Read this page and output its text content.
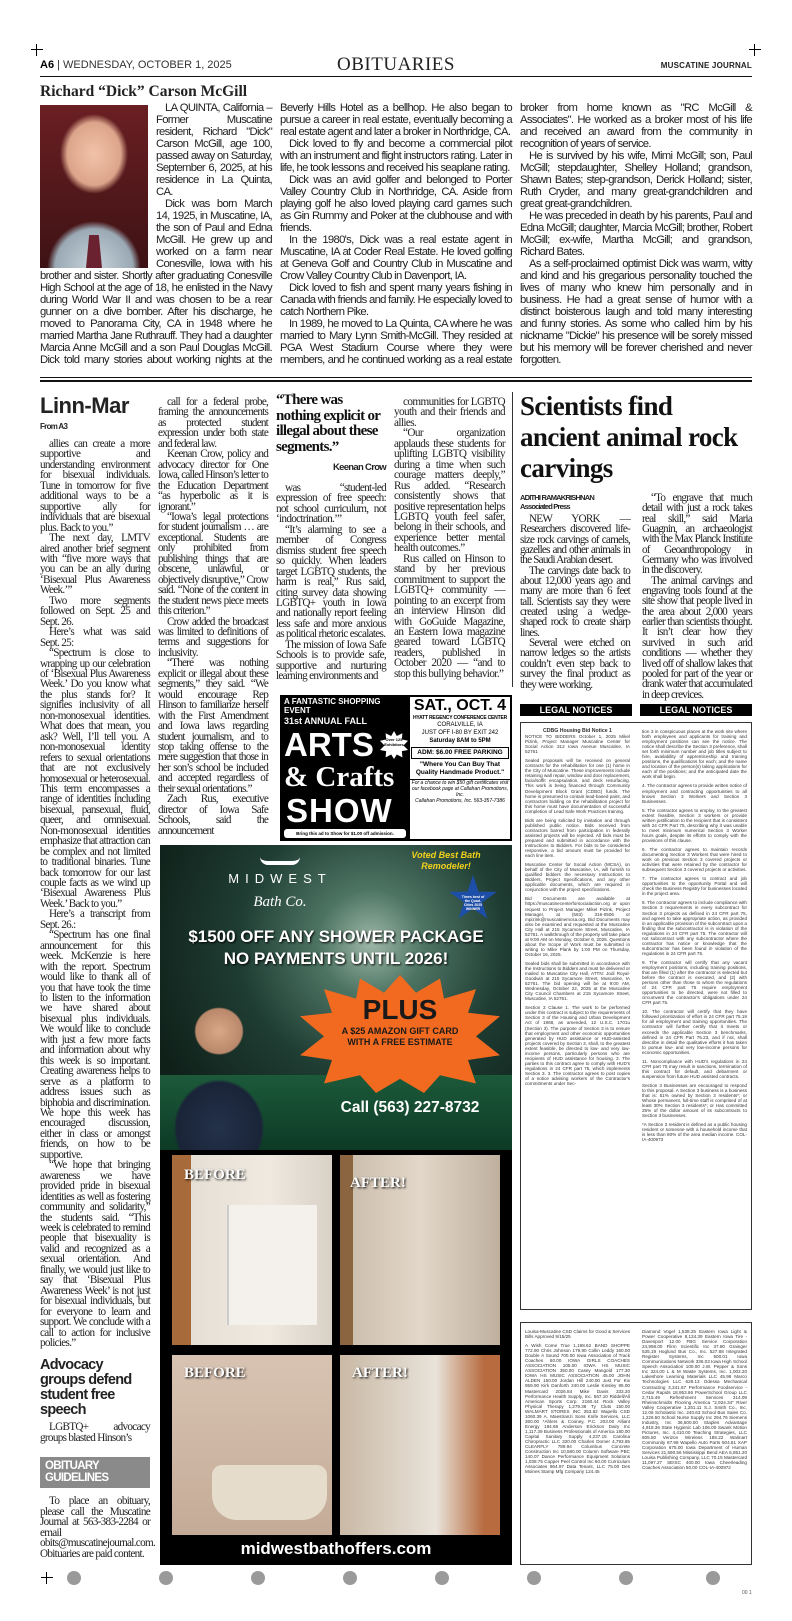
A6 | WEDNESDAY, OCTOBER 1, 2025	OBITUARIES	MUSCATINE JOURNAL
Richard “Dick” Carson McGill

LA QUINTA, California – Former Muscatine resident, Richard "Dick" Carson McGill, age 100, passed away on Saturday, September 6, 2025, at his residence in La Quinta, CA.

Dick was born March 14, 1925, in Muscatine, IA, the son of Paul and Edna McGill. He grew up and worked on a farm near Conesville, Iowa with his brother and sister. Shortly after graduating Conesville High School at the age of 18, he enlisted in the Navy during World War II and was chosen to be a rear gunner on a dive bomber. After his discharge, he moved to Panorama City, CA in 1948 where he married Martha Jane Ruthrauff. They had a daughter Marcia Anne McGill and a son Paul Douglas McGill. Dick told many stories about working nights at the Beverly Hills Hotel as a bellhop. He also began to pursue a career in real estate, eventually becoming a real estate agent and later a broker in Northridge, CA.

Dick loved to fly and become a commercial pilot with an instrument and flight instructors rating. Later in life, he took lessons and received his seaplane rating.

Dick was an avid golfer and belonged to Porter Valley Country Club in Northridge, CA. Aside from playing golf he also loved playing card games such as Gin Rummy and Poker at the clubhouse and with friends.

In the 1980's, Dick was a real estate agent in Muscatine, IA at Coder Real Estate. He loved golfing at Geneva Golf and Country Club in Muscatine and Crow Valley Country Club in Davenport, IA.

Dick loved to fish and spent many years fishing in Canada with friends and family. He especially loved to catch Northern Pike.

In 1989, he moved to La Quinta, CA where he was married to Mary Lynn Smith-McGill. They resided at PGA West Stadium Course where they were members, and he continued working as a real estate broker from home known as "RC McGill & Associates". He worked as a broker most of his life and received an award from the community in recognition of years of service.

He is survived by his wife, Mimi McGill; son, Paul McGill; stepdaughter, Shelley Holland; grandson, Shawn Bates; step-grandson, Derick Holland; sister, Ruth Cryder, and many great-grandchildren and great great-grandchildren.

He was preceded in death by his parents, Paul and Edna McGill; daughter, Marcia McGill; brother, Robert McGill; ex-wife, Martha McGill; and grandson, Richard Bates.

As a self-proclaimed optimist Dick was warm, witty and kind and his gregarious personality touched the lives of many who knew him personally and in business. He had a great sense of humor with a distinct boisterous laugh and told many interesting and funny stories. As some who called him by his nickname "Dickie" his presence will be sorely missed but his memory will be forever cherished and never forgotten.

Linn-Mar
From A3

allies can create a more supportive and understanding environment for bisexual individuals. Tune in tomorrow for five additional ways to be a supportive ally for individuals that are bisexual plus. Back to you.”

The next day, LMTV aired another brief segment with “five more ways that you can be an ally during ‘Bisexual Plus Awareness Week.’”

Two more segments followed on Sept. 25 and Sept. 26.

Here’s what was said Sept. 25:

“Spectrum is close to wrapping up our celebration of ‘Bisexual Plus Awareness Week.’ Do you know what the plus stands for? It signifies inclusivity of all non-monosexual identities. What does that mean, you ask? Well, I’ll tell you. A non-monosexual identity refers to sexual orientations that are not exclusively homosexual or heterosexual. This term encompasses a range of identities including bisexual, pansexual, fluid, queer, and omnisexual. Non-monosexual identities emphasize that attraction can be complex and not limited to traditional binaries. Tune back tomorrow for our last couple facts as we wind up ‘Bisexual Awareness Plus Week.’ Back to you.”

Here’s a transcript from Sept. 26.:

“Spectrum has one final announcement for this week. McKenzie is here with the report. Spectrum would like to thank all of you that have took the time to listen to the information we have shared about bisexual plus individuals. We would like to conclude with just a few more facts and information about why this week is so important. Creating awareness helps to serve as a platform to address issues such as biphobia and discrimination. We hope this week has encouraged discussion, either in class or amongst friends, on how to be supportive.

“We hope that bringing awareness we have provided pride in bisexual identities as well as fostering community and solidarity,” the students said. “This week is celebrated to remind people that bisexuality is valid and recognized as a sexual orientation. And finally, we would just like to say that ‘Bisexual Plus Awareness Week’ is not just for bisexual individuals, but for everyone to learn and support. We conclude with a call to action for inclusive policies.”

Advocacy groups defend student free speech

LGBTQ+ advocacy groups blasted Hinson’s

OBITUARY GUIDELINES

To place an obituary, please call the Muscatine Journal at 563-383-2284 or email obits@muscatinejournal.com. Obituaries are paid content.

call for a federal probe, framing the announcements as protected student expression under both state and federal law.

Keenan Crow, policy and advocacy director for One Iowa, called Hinson’s letter to the Education Department “as hyperbolic as it is ignorant.”

“Iowa’s legal protections for student journalism … are exceptional. Students are only prohibited from publishing things that are obscene, unlawful, or objectively disruptive,” Crow said. “None of the content in the student news piece meets this criterion.”

Crow added the broadcast was limited to definitions of terms and suggestions for inclusivity.

“There was nothing explicit or illegal about these segments,” they said. “We would encourage Rep Hinson to familiarize herself with the First Amendment and Iowa laws regarding student journalism, and to stop taking offense to the mere suggestion that those in her son’s school be included and accepted regardless of their sexual orientations.”

Zach Rus, executive director of Iowa Safe Schools, said the announcement

“There was nothing explicit or illegal about these segments.”
Keenan Crow

was “student-led expression of free speech: not school curriculum, not ‘indoctrination.’”

“It’s alarming to see a member of Congress dismiss student free speech so quickly. When leaders target LGBTQ students, the harm is real,” Rus said, citing survey data showing LGBTQ+ youth in Iowa and nationally report feeling less safe and more anxious as political rhetoric escalates.

The mission of Iowa Safe Schools is to provide safe, supportive and nurturing learning environments and

communities for LGBTQ youth and their friends and allies.

“Our organization applauds these students for uplifting LGBTQ visibility during a time when such courage matters deeply,” Rus added. “Research consistently shows that positive representation helps LGBTQ youth feel safer, belong in their schools, and experience better mental health outcomes.”

Rus called on Hinson to stand by her previous commitment to support the LGBTQ+ community — pointing to an excerpt from an interview Hinson did with GoGuide Magazine, an Eastern Iowa magazine geared toward LGBTQ readers, published in October 2020 — “and to stop this bullying behavior.”

A FANTASTIC SHOPPING EVENT
31st ANNUAL FALL
ARTS	Over 125 Exhibitors
& Crafts
SHOW
Bring this ad to Show for $1.00 off admission.
SAT., OCT. 4
HYATT REGENCY CONFERENCE CENTER
CORALVILLE, IA
JUST OFF I-80 BY EXIT 242
Saturday 8AM to 5PM
ADM: $6.00 FREE PARKING
"Where You Can Buy That Quality Handmade Product."
For a chance to win $50 gift certificates visit our facebook page at Callahan Promotions, Inc.
Callahan Promotions, Inc. 563-357-7386
Voted Best Bath Remodeler!
Times best of the Quad-Cities 2025 WINNER
MIDWEST
Bath Co.
$1500 OFF ANY SHOWER PACKAGE
NO PAYMENTS UNTIL 2026!
PLUS
A $25 AMAZON GIFT CARD WITH A FREE ESTIMATE
Call (563) 227-8732
BEFORE	AFTER!
BEFORE	AFTER!
midwestbathoffers.com
Scientists find ancient animal rock carvings
ADITHI RAMAKRISHNAN
Associated Press

NEW YORK — Researchers discovered life-size rock carvings of camels, gazelles and other animals in the Saudi Arabian desert.

The carvings date back to about 12,000 years ago and many are more than 6 feet tall. Scientists say they were created using a wedge-shaped rock to create sharp lines.

Several were etched on narrow ledges so the artists couldn’t even step back to survey the final product as they were working.

“To engrave that much detail with just a rock takes real skill,” said Maria Guagnin, an archaeologist with the Max Planck Institute of Geoanthropology in Germany who was involved in the discovery.

The animal carvings and engraving tools found at the site show that people lived in the area about 2,000 years earlier than scientists thought. It isn’t clear how they survived in such arid conditions — whether they lived off of shallow lakes that pooled for part of the year or drank water that accumulated in deep crevices.

LEGAL NOTICES	LEGAL NOTICES
CDBG Housing Bid Notice 1

NOTICE TO BIDDERS October 1, 2025 Mikel Pizink, Project Manager Muscatine Center for Social Action 312 Iowa Avenue Muscatine, IA 52761

Sealed proposals will be received on general contracts for the rehabilitation for one (1) home in the City of Muscatine. These improvements include retaining wall repair, window and door replacement, facia/soffit encapsulation, and deck resurfacing. This work is being financed through Community Development Block Grant (CDBG) funds. The home is presumed to contain lead-based paint, and contractors bidding on the rehabilitation project for this home must have documentation of successful completion of Lead Safe Work Practices training.

Bids are being solicited by invitation and through published public notice. Bids received from contractors barred from participation in federally assisted projects will be rejected. All bids must be prepared and submitted in accordance with the Instructions to Bidders. For bids to be considered responsive, a bid amount must be provided for each line item.

Muscatine Center for Social Action (MCSA), on behalf of the City of Muscatine, IA, will furnish to qualified bidders the necessary Instructions to Bidders, Project Specifications, and any other applicable documents, which are required in conjunction with the project specifications.

Bid Documents are available at https://muscatinecenterforsocialaction.org or upon request to Project Manager Mikel Pizink, Project Manager, at (563) 316-0506 or mpizink@muscatinemcsa.org. Bid Documents may also be examined and requested at the Muscatine City Hall at 215 Sycamore Street, Muscatine, IA 52761. A walkthrough of the property will take place at 9:00 AM on Monday, October 6, 2025. Questions about the Scope of Work must be submitted in writing to Mike Plank by 1:00 PM on Thursday, October 16, 2025.

Sealed bids shall be submitted in accordance with the Instructions to Bidders and must be delivered or mailed to Muscatine City Hall, ATTN: Jodi Royal-Goodwin at 215 Sycamore Street, Muscatine, IA 52761. The bid opening will be at 9:00 AM, Wednesday, October 22, 2025 at the Muscatine City Council Chambers at 215 Sycamore Street, Muscatine, IA 52761.

Section 3 Clause 1. The work to be performed under this contract is subject to the requirements of Section 3 of the Housing and Urban Development Act of 1968, as amended, 12 U.S.C. 1701u (Section 3). The purpose of Section 3 is to ensure that employment and other economic opportunities generated by HUD assistance or HUD-assisted projects covered by Section 3, shall, to the greatest extent feasible, be directed to low- and very low-income persons, particularly persons who are recipients of HUD assistance for housing. 2. The parties to this contract agree to comply with HUD's regulations in 24 CFR part 75, which implements Section 3. 3. The contractor agrees to post copies of a notice advising workers of the Contractor's commitments under Sec-

tion 3 in conspicuous places at the work site where both employees and applicants for training and employment positions can see the notice. The notice shall describe the Section 3 preference, shall set forth minimum number and job titles subject to hire, availability of apprenticeship and training positions, the qualifications for each; and the name and location of the person(s) taking applications for each of the positions; and the anticipated date the work shall begin.

4. The contractor agrees to provide written notice of employment and contracting opportunities to all known Section 3 Workers and Section 3 Businesses.

5. The contractor agrees to employ, to the greatest extent feasible, Section 3 workers or provide written justification to the recipient that is consistent with 24 CFR Part 75, describing why it was unable to meet minimum numerical Section 3 Worker hours goals, despite its efforts to comply with the provisions of this clause.

6. The contractor agrees to maintain records documenting Section 3 Workers that were hired to work on previous Section 3 covered projects or activities that were retained by the contractor for subsequent Section 3 covered projects or activities.

7. The contractor agrees to contract and job opportunities to the opportunity Portal and will check the Business Registry for businesses located in the project area.

8. The contractor agrees to include compliance with Section 3 requirements in every subcontract for Section 3 projects as defined in 24 CFR part 75, and agrees to take appropriate action, as provided in an applicable provision of the subcontract upon a finding that the subcontractor is in violation of the regulations in 24 CFR part 75. The contractor will not subcontract with any subcontractor where the contractor has notice or knowledge that the subcontractor has been found in violation of the regulations in 24 CFR part 75.

9. The contractor will certify that any vacant employment positions, including training positions, that are filled (1) after the contractor is selected but before the contract is executed, and (2) with persons other than those to whom the regulations of 24 CFR part 75 require employment opportunities to be directed, were not filled to circumvent the contractor's obligations under 24 CFR part 75.

10. The contractor will certify that they have followed prioritization of effort in 24 CFR part 75.19 for all employment and training opportunities. The contractor will further certify that it meets or exceeds the applicable Section 3 benchmarks, defined in 24 CFR Part 75.23, and if not, shall describe in detail the qualitative efforts it has taken to pursue low- and very low-income persons for economic opportunities.

11. Noncompliance with HUD's regulations in 24 CFR part 75 may result in sanctions, termination of this contract for default, and debarment or suspension from future HUD assisted contracts.

Section 3 Businesses are encouraged to respond to this proposal. A Section 3 business is a business that is: 51% owned by Section 3 residents*; or Whose permanent, full-time staff is comprised of at least 30% Section 3 residents*; or Has committed 25% of the dollar amount of its subcontracts to Section 3 businesses.

*A Section 3 resident is defined as a public housing resident or someone with a household income that is less than 80% of the area median income. COL-IA-400973

Louisa-Muscatine CSD Claims for Good & Services Bills Approved 9/15/25

A Wish Come True 1,198.62 BAND SHOPPE 772.90 Chris Johnson 179.90 Collin Leddy 150.00 Double A Sound 700.00 Iowa Association of Track Coaches 60.00 IOWA GIRLS COACHES ASSOCIATION 105.00 IOWA HS MUSIC ASSOCIATION 350.00 Casey Mangold 177.30 IOWA HS MUSIC ASSOCIATION 45.00 JOHN ALDEN 150.00 Jordan Hill 240.00 Just For Kix 959.90 Kirk Danforth 240.00 Leslie Kinsley 95.00 Mastercard 2026.84 Mike Davis 333.20 Performance Health Supply, Inc. 567.10 Riddell/All American Sports Corp. 2160.44 Rock Valley Physical Therapy 1,279.38 Ty Cluts 150.00 WALMART STORES INC 353.82 Wapello CSD 1060.39 A. Maestranzi Sons Knife Services, LLC 360.00 *Ahlers & Cooney, P.C. 203.00 Alliant Energy 194.68 Anderson Erickson Dairy Inc 1,117.39 Business Professionals of America 180.00 Capital Sanitary Supply 4,237.15 Carolina Chiropractic LLC 320.00 Charles Domer 4,793.65 CLEARFLY 789.94 Columbus Concrete Construction Inc 10,580.00 Column Software PBC 140.07 Dance Performance Equipment Solutions 1,038.75 Copper Peel Control Inc 60.00 Curriculum Associates 964.97 Data Tenant, LLC 75.00 Des Moines Stamp Mfg Company 124.45

Diamond Vogel 1,538.25 Eastern Iowa Light & Power Cooperative 8,134.39 Eastern Iowa Tire - Davenport 12.00 FBG Service Corporation 24,958.00 Flinn Scientific Inc 37.80 Grainger 535.19 Hoglund Bus Co., Inc. 527.88 Integrated Register Systems, Inc 500.01 Iowa Communications Network 336.03 Iowa High School Speech Association 100.00 J.W. Pepper & Sons Inc 324.00 L & M Waste Systems, Inc. 1,003.20 Lakeshore Learning Materials LLC 45.96 Marco Technologies LLC 628.13 Odessa Mechanical Contracting 3,341.67 Performance Foodservice - Cedar Rapids 18,953.66 PowerSchool Group LLC 2,715.49 Refreshment Services 314.09 Rheinschmidts Flooring America "2,924.34" River Valley Cooperative 1,251.11 S.J. Smith Co., Inc. 12.06 Scholastic Inc. 240.63 School Bus Sales Co. 1,226.50 School Nurse Supply Inc 294.76 Siemens Industry, Inc 36,500.00 Staples Advantage 4,918.36 State Hygienic Lab 106.00 Swank Motion Pictures, Inc. 4,410.00 Teaching Strategies, LLC 605.50 Verizon Wireless 185.22 Walmart Community 87.98 Wapello Auto Parts 504.81 XAP Corporation 675.00 Iowa Department of Human Services 21,590.56 Mississippi Bend AEA 6,851.20 Louisa Publishing Company, LLC 70.15 Mastercard 11,097.27 SEISC 400.00 Iowa Cheerleading Coaches Association 50.00 COL-IA-400972

00 1
